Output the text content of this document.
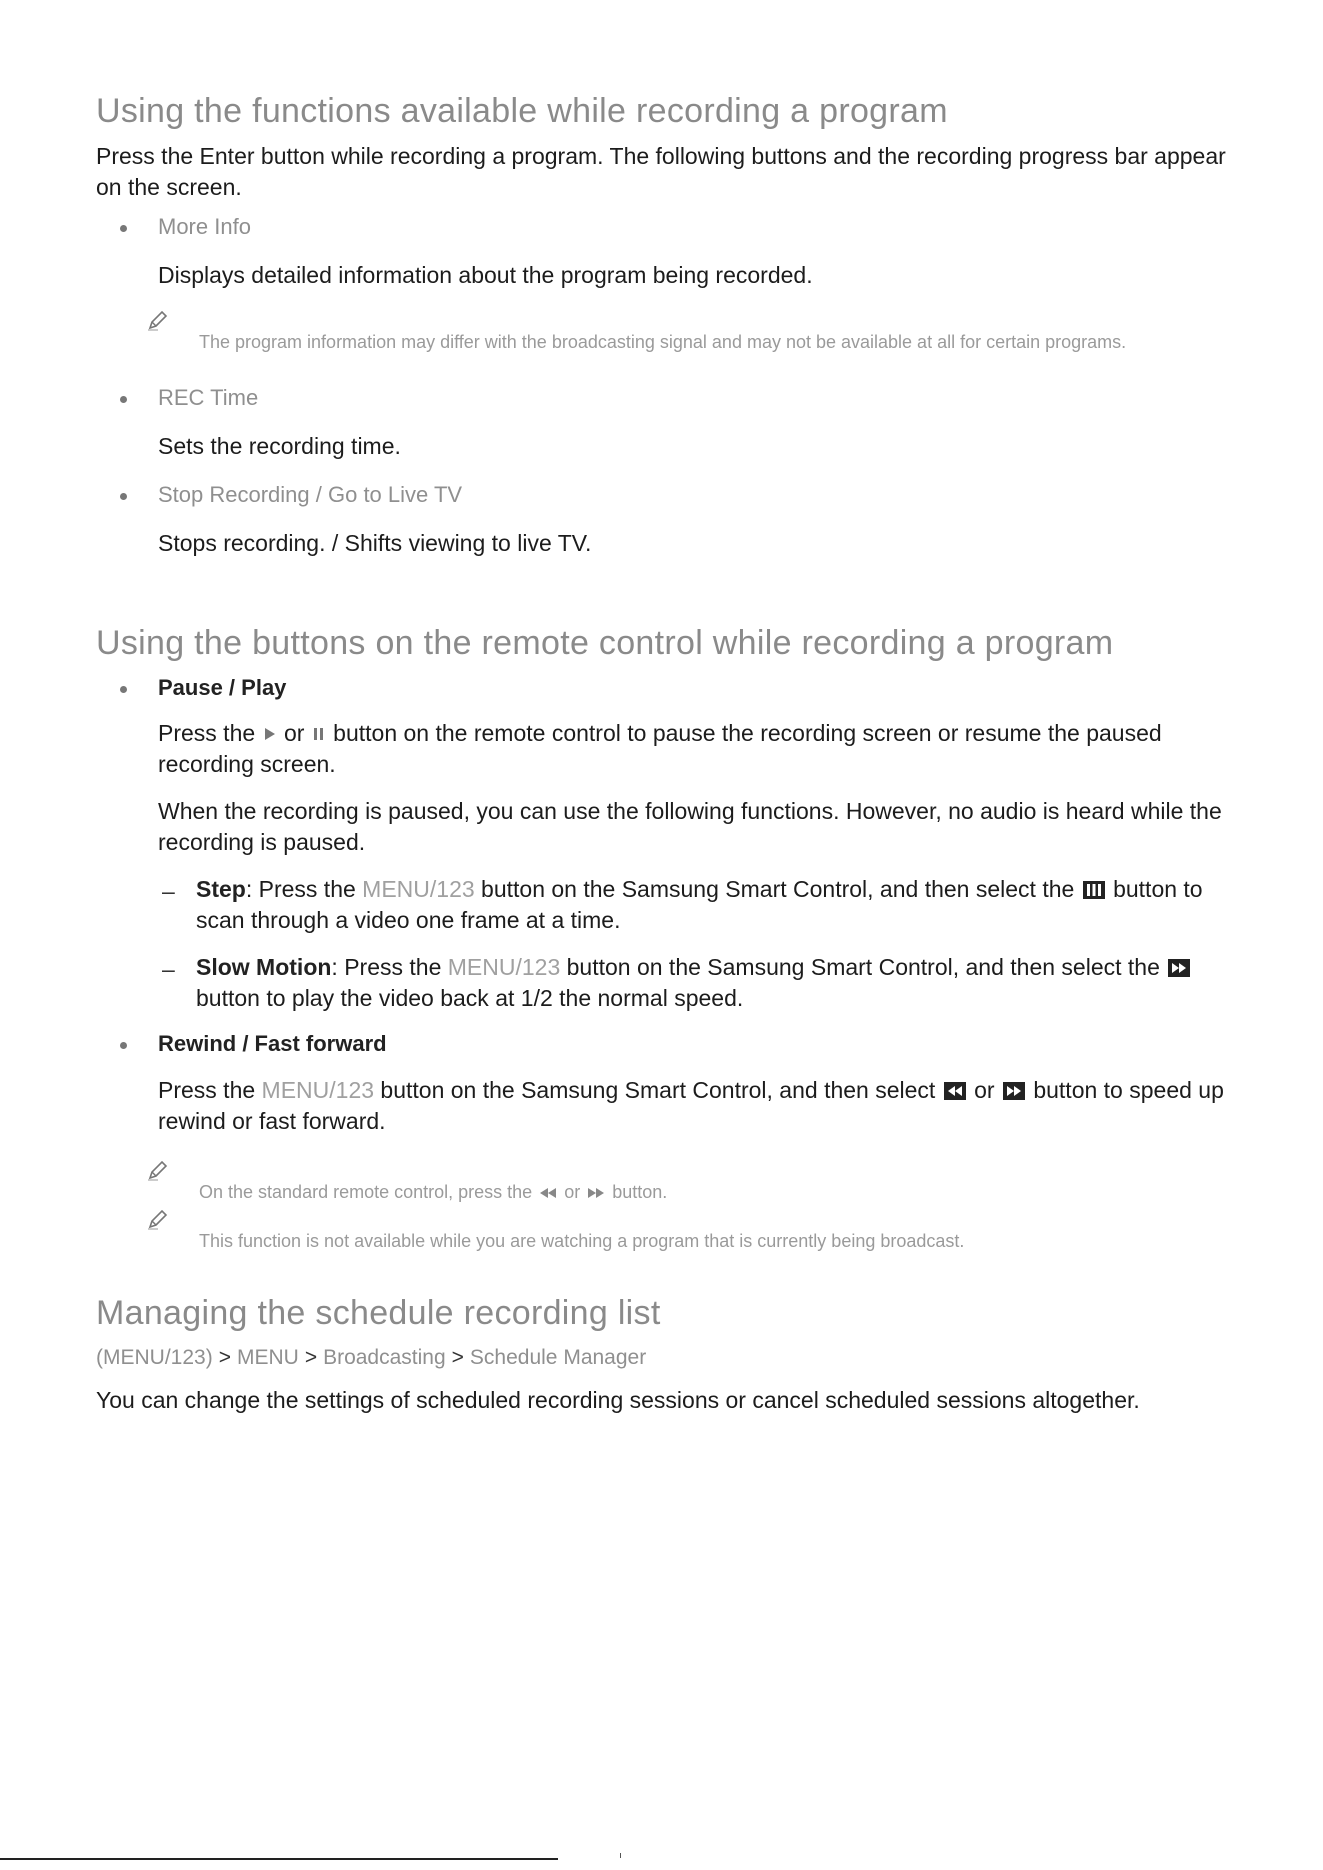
Using the functions available while recording a program

Press the Enter button while recording a program. The following buttons and the recording progress bar appear on the screen.

More Info

Displays detailed information about the program being recorded.

The program information may differ with the broadcasting signal and may not be available at all for certain programs.

REC Time

Sets the recording time.

Stop Recording / Go to Live TV

Stops recording. / Shifts viewing to live TV.

Using the buttons on the remote control while recording a program
Pause / Play

Press the or button on the remote control to pause the recording screen or resume the paused recording screen.

When the recording is paused, you can use the following functions. However, no audio is heard while the recording is paused.

– Step: Press the MENU/123 button on the Samsung Smart Control, and then select the button to scan through a video one frame at a time.

– Slow Motion: Press the MENU/123 button on the Samsung Smart Control, and then select the
button to play the video back at 1/2 the normal speed.

Rewind / Fast forward

Press the MENU/123 button on the Samsung Smart Control, and then select or button to speed up rewind or fast forward.

On the standard remote control, press the or button.

This function is not available while you are watching a program that is currently being broadcast.

Managing the schedule recording list
(MENU/123) > MENU > Broadcasting > Schedule Manager

You can change the settings of scheduled recording sessions or cancel scheduled sessions altogether.
